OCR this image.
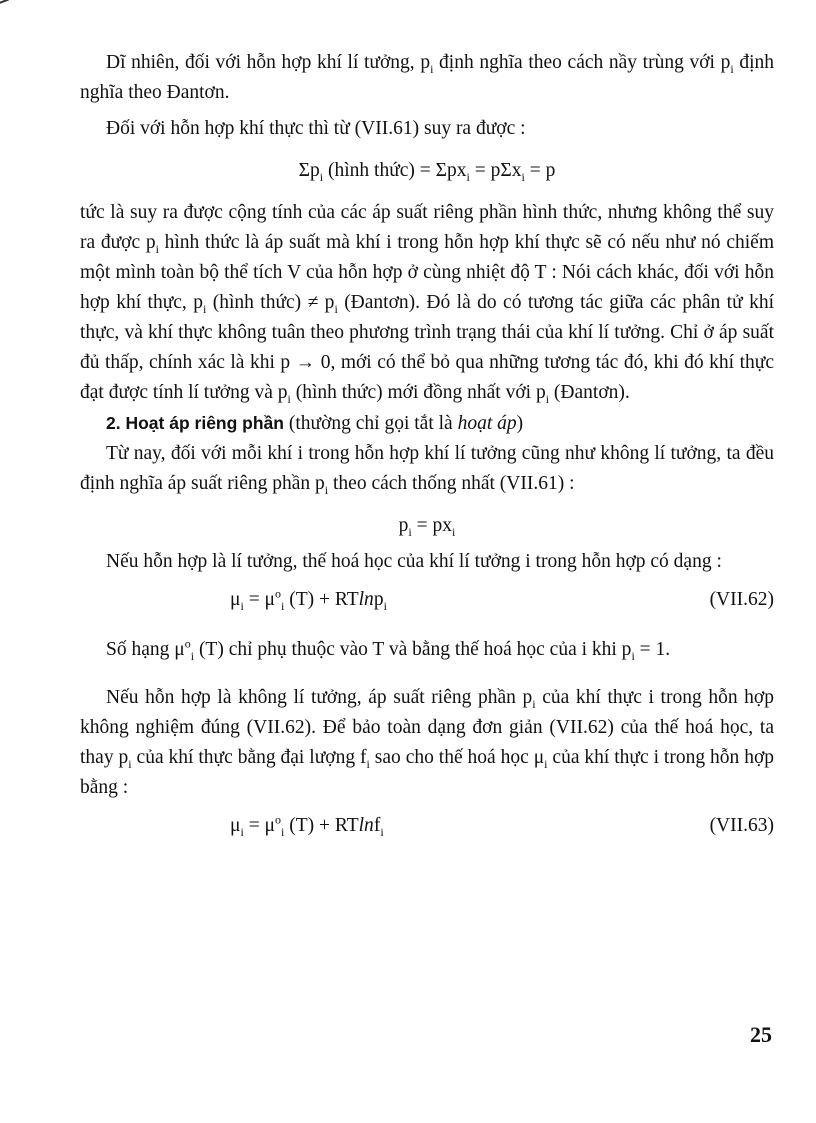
Dĩ nhiên, đối với hỗn hợp khí lí tưởng, $p_i$ định nghĩa theo cách nầy trùng với $p_i$ định nghĩa theo Đantơn.

Đối với hỗn hợp khí thực thì từ (VII.61) suy ra được :

$\Sigma p_i$ (hình thức) = Σpx$_i$ = pΣx$_i$ = p

tức là suy ra được cộng tính của các áp suất riêng phần hình thức, nhưng không thể suy ra được $p_i$ hình thức là áp suất mà khí i trong hỗn hợp khí thực sẽ có nếu như nó chiếm một mình toàn bộ thể tích V của hỗn hợp ở cùng nhiệt độ T : Nói cách khác, đối với hỗn hợp khí thực, $p_i$ (hình thức) ≠ $p_i$ (Đantơn). Đó là do có tương tác giữa các phân tử khí thực, và khí thực không tuân theo phương trình trạng thái của khí lí tưởng. Chỉ ở áp suất đủ thấp, chính xác là khi p → 0, mới có thể bỏ qua những tương tác đó, khi đó khí thực đạt được tính lí tưởng và $p_i$ (hình thức) mới đồng nhất với $p_i$ (Đantơn).

2. Hoạt áp riêng phần (thường chỉ gọi tắt là hoạt áp)

Từ nay, đối với mỗi khí i trong hỗn hợp khí lí tưởng cũng như không lí tưởng, ta đều định nghĩa áp suất riêng phần $p_i$ theo cách thống nhất (VII.61) :

$p_i = px_i$

Nếu hỗn hợp là lí tưởng, thế hoá học của khí lí tưởng i trong hỗn hợp có dạng :

$\mu_i = \mu^o_i$ (T) + RTlnp$_i$	(VII.62)

Số hạng $\mu^o_i$ (T) chỉ phụ thuộc vào T và bằng thế hoá học của i khi $p_i = 1$.

Nếu hỗn hợp là không lí tưởng, áp suất riêng phần $p_i$ của khí thực i trong hỗn hợp không nghiệm đúng (VII.62). Để bảo toàn dạng đơn giản (VII.62) của thế hoá học, ta thay $p_i$ của khí thực bằng đại lượng $f_i$ sao cho thế hoá học $\mu_i$ của khí thực i trong hỗn hợp bằng :

$\mu_i = \mu^o_i$ (T) + RTlnf$_i$	(VII.63)
25
